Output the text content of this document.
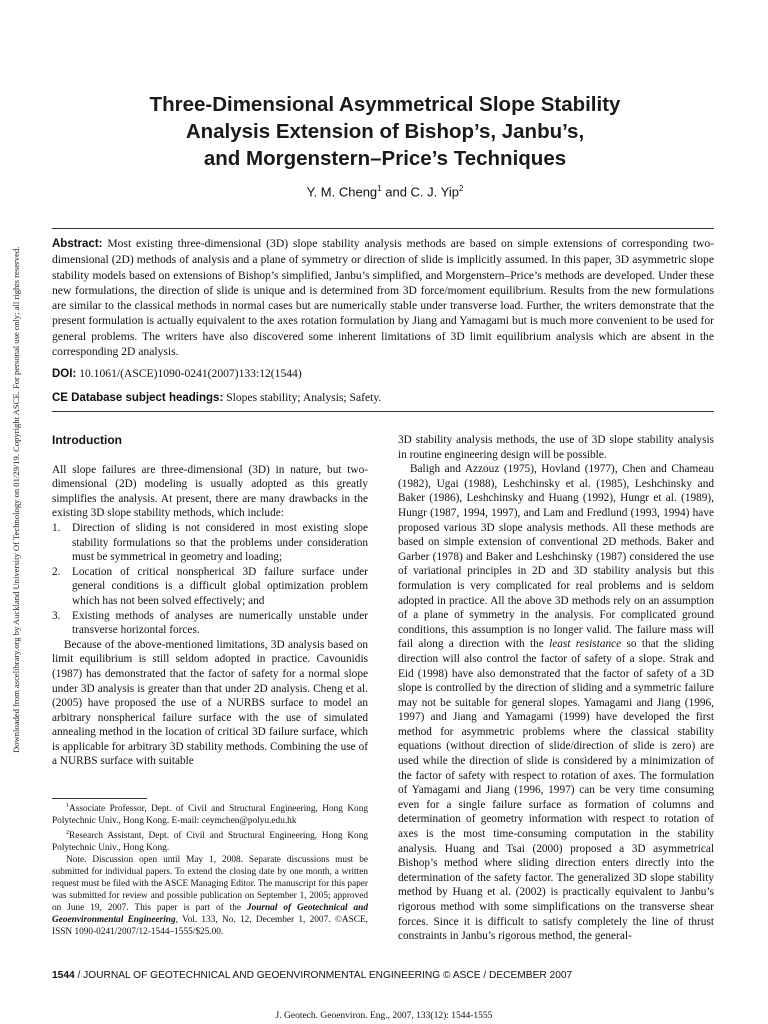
Downloaded from ascelibrary.org by Auckland University Of Technology on 01/29/19. Copyright ASCE. For personal use only; all rights reserved.
Three-Dimensional Asymmetrical Slope Stability
Analysis Extension of Bishop’s, Janbu’s,
and Morgenstern–Price’s Techniques
Y. M. Cheng$^1$ and C. J. Yip$^2$

Abstract: Most existing three-dimensional (3D) slope stability analysis methods are based on simple extensions of corresponding two-dimensional (2D) methods of analysis and a plane of symmetry or direction of slide is implicitly assumed. In this paper, 3D asymmetric slope stability models based on extensions of Bishop’s simplified, Janbu’s simplified, and Morgenstern–Price’s methods are developed. Under these new formulations, the direction of slide is unique and is determined from 3D force/moment equilibrium. Results from the new formulations are similar to the classical methods in normal cases but are numerically stable under transverse load. Further, the writers demonstrate that the present formulation is actually equivalent to the axes rotation formulation by Jiang and Yamagami but is much more convenient to be used for general problems. The writers have also discovered some inherent limitations of 3D limit equilibrium analysis which are absent in the corresponding 2D analysis.

DOI: 10.1061/(ASCE)1090-0241(2007)133:12(1544)
CE Database subject headings: Slopes stability; Analysis; Safety.
Introduction

All slope failures are three-dimensional (3D) in nature, but two-dimensional (2D) modeling is usually adopted as this greatly simplifies the analysis. At present, there are many drawbacks in the existing 3D slope stability methods, which include:

1. Direction of sliding is not considered in most existing slope stability formulations so that the problems under consideration must be symmetrical in geometry and loading;
2. Location of critical nonspherical 3D failure surface under general conditions is a difficult global optimization problem which has not been solved effectively; and
3. Existing methods of analyses are numerically unstable under transverse horizontal forces.

Because of the above-mentioned limitations, 3D analysis based on limit equilibrium is still seldom adopted in practice. Cavounidis (1987) has demonstrated that the factor of safety for a normal slope under 3D analysis is greater than that under 2D analysis. Cheng et al. (2005) have proposed the use of a NURBS surface to model an arbitrary nonspherical failure surface with the use of simulated annealing method in the location of critical 3D failure surface, which is applicable for arbitrary 3D stability methods. Combining the use of a NURBS surface with suitable

$^1$Associate Professor, Dept. of Civil and Structural Engineering, Hong Kong Polytechnic Univ., Hong Kong. E-mail: ceymchen@polyu.edu.hk

$^2$Research Assistant, Dept. of Civil and Structural Engineering, Hong Kong Polytechnic Univ., Hong Kong.

Note. Discussion open until May 1, 2008. Separate discussions must be submitted for individual papers. To extend the closing date by one month, a written request must be filed with the ASCE Managing Editor. The manuscript for this paper was submitted for review and possible publication on September 1, 2005; approved on June 19, 2007. This paper is part of the Journal of Geotechnical and Geoenvironmental Engineering, Vol. 133, No. 12, December 1, 2007. ©ASCE, ISSN 1090-0241/2007/12-1544–1555/$25.00.

3D stability analysis methods, the use of 3D slope stability analysis in routine engineering design will be possible.

Baligh and Azzouz (1975), Hovland (1977), Chen and Chameau (1982), Ugai (1988), Leshchinsky et al. (1985), Leshchinsky and Baker (1986), Leshchinsky and Huang (1992), Hungr et al. (1989), Hungr (1987, 1994, 1997), and Lam and Fredlund (1993, 1994) have proposed various 3D slope analysis methods. All these methods are based on simple extension of conventional 2D methods. Baker and Garber (1978) and Baker and Leshchinsky (1987) considered the use of variational principles in 2D and 3D stability analysis but this formulation is very complicated for real problems and is seldom adopted in practice. All the above 3D methods rely on an assumption of a plane of symmetry in the analysis. For complicated ground conditions, this assumption is no longer valid. The failure mass will fail along a direction with the least resistance so that the sliding direction will also control the factor of safety of a slope. Strak and Eid (1998) have also demonstrated that the factor of safety of a 3D slope is controlled by the direction of sliding and a symmetric failure may not be suitable for general slopes. Yamagami and Jiang (1996, 1997) and Jiang and Yamagami (1999) have developed the first method for asymmetric problems where the classical stability equations (without direction of slide/direction of slide is zero) are used while the direction of slide is considered by a minimization of the factor of safety with respect to rotation of axes. The formulation of Yamagami and Jiang (1996, 1997) can be very time consuming even for a single failure surface as formation of columns and determination of geometry information with respect to rotation of axes is the most time-consuming computation in the stability analysis. Huang and Tsai (2000) proposed a 3D asymmetrical Bishop’s method where sliding direction enters directly into the determination of the safety factor. The generalized 3D slope stability method by Huang et al. (2002) is practically equivalent to Janbu’s rigorous method with some simplifications on the transverse shear forces. Since it is difficult to satisfy completely the line of thrust constraints in Janbu’s rigorous method, the general-

1544 / JOURNAL OF GEOTECHNICAL AND GEOENVIRONMENTAL ENGINEERING © ASCE / DECEMBER 2007
J. Geotech. Geoenviron. Eng., 2007, 133(12): 1544-1555
